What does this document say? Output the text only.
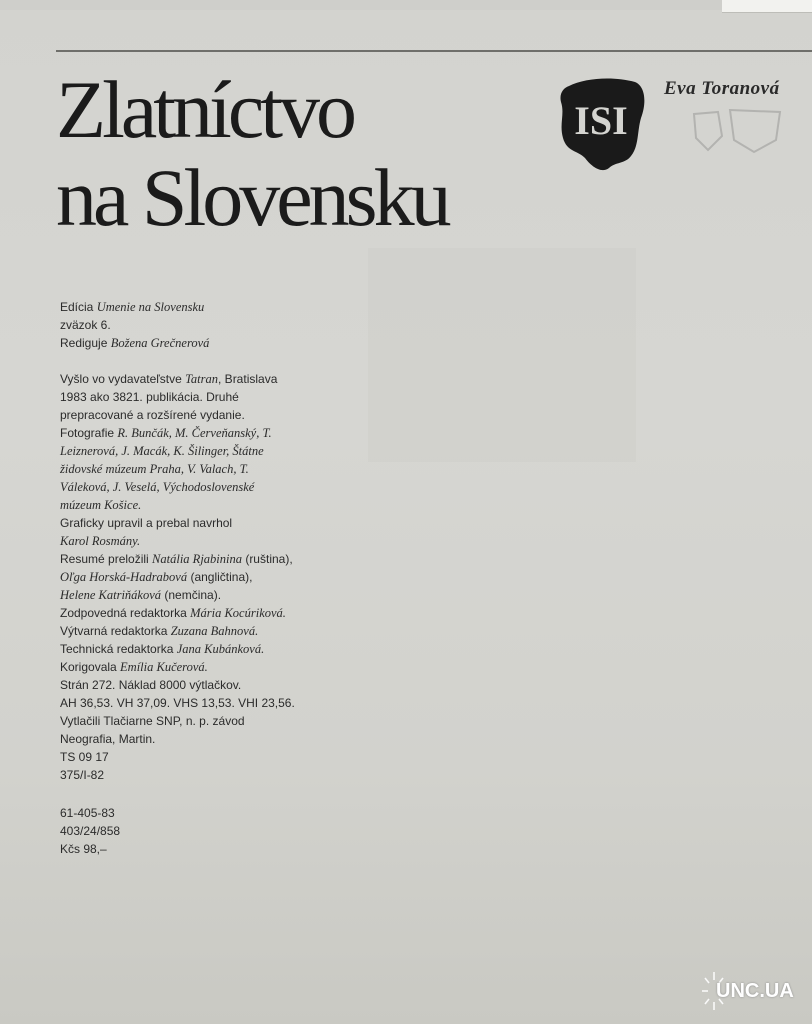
Zlatníctvo
na Slovensku
ISI
Eva Toranová
Edícia Umenie na Slovensku
zväzok 6.
Rediguje Božena Grečnerová
Vyšlo vo vydavateľstve Tatran, Bratislava
1983 ako 3821. publikácia. Druhé
prepracované a rozšírené vydanie.
Fotografie R. Bunčák, M. Červeňanský, T.
Leiznerová, J. Macák, K. Šilinger, Štátne
židovské múzeum Praha, V. Valach, T.
Váleková, J. Veselá, Východoslovenské
múzeum Košice.
Graficky upravil a prebal navrhol
Karol Rosmány.
Resumé preložili Natália Rjabinina (ruština),
Oľga Horská-Hadrabová (angličtina),
Helene Katriňáková (nemčina).
Zodpovedná redaktorka Mária Kocúriková.
Výtvarná redaktorka Zuzana Bahnová.
Technická redaktorka Jana Kubánková.
Korigovala Emília Kučerová.
Strán 272. Náklad 8000 výtlačkov.
AH 36,53. VH 37,09. VHS 13,53. VHI 23,56.
Vytlačili Tlačiarne SNP, n. p. závod
Neografia, Martin.
TS 09 17
375/I-82
61-405-83
403/24/858
Kčs 98,–
UNC.UA
